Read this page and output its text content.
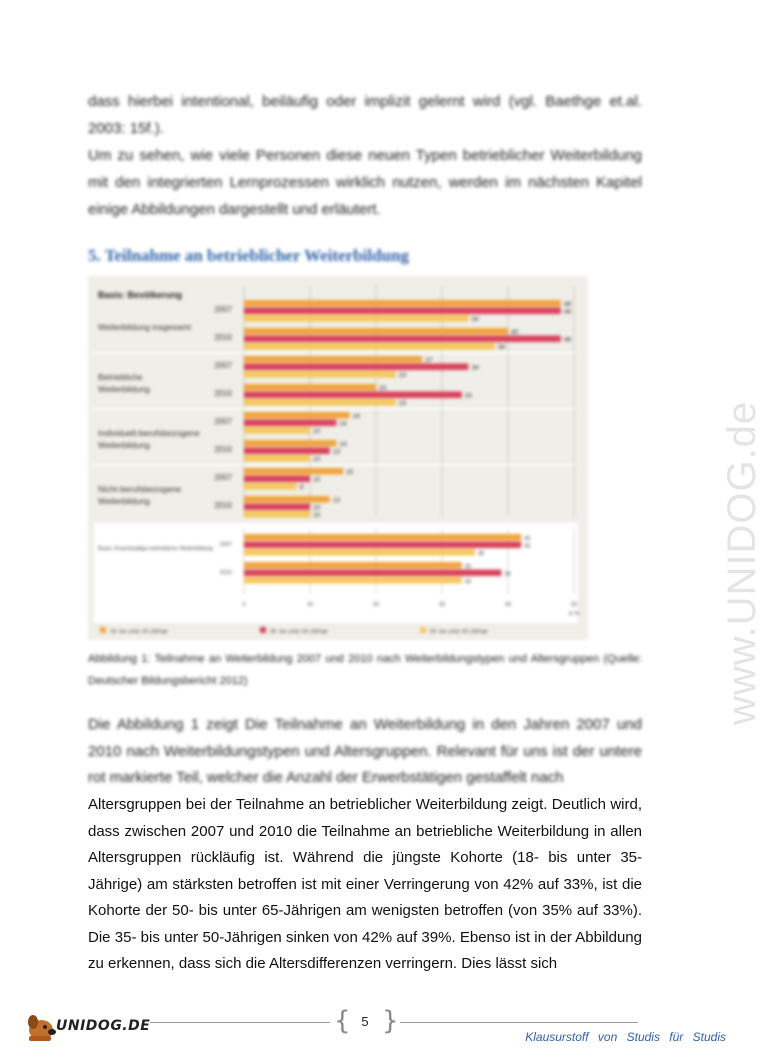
www.UNIDOG.de
dass hierbei intentional, beiläufig oder implizit gelernt wird (vgl. Baethge et.al. 2003: 15f.).
Um zu sehen, wie viele Personen diese neuen Typen betrieblicher Weiterbildung mit den integrierten Lernprozessen wirklich nutzen, werden im nächsten Kapitel einige Abbildungen dargestellt und erläutert.
5. Teilnahme an betrieblicher Weiterbildung
Basis: Bevölkerung
2007
48
48
34
2010
40
48
38
Weiterbildung insgesamt
2007
27
34
23
2010
20
33
23
Betriebliche
Weiterbildung
2007
16
14
10
2010
14
13
10
Individuell-berufsbezogene
Weiterbildung
2007
15
10
8
2010
13
10
10
Nicht-berufsbezogene
Weiterbildung
Basis: Erwerbstätige betriebliche Weiterbildung
2007
42
42
35
2010
33
39
33
0	10	20	30	40	50
in %
18- bis unter 35-Jährige	35- bis unter 50-Jährige	50- bis unter 65-Jährige
Abbildung 1: Teilnahme an Weiterbildung 2007 und 2010 nach Weiterbildungstypen und Altersgruppen (Quelle: Deutscher Bildungsbericht 2012)
Die Abbildung 1 zeigt Die Teilnahme an Weiterbildung in den Jahren 2007 und 2010 nach Weiterbildungstypen und Altersgruppen. Relevant für uns ist der untere rot markierte Teil, welcher die Anzahl der Erwerbstätigen gestaffelt nach
Altersgruppen bei der Teilnahme an betrieblicher Weiterbildung zeigt. Deutlich wird, dass zwischen 2007 und 2010 die Teilnahme an betriebliche Weiterbildung in allen Altersgruppen rückläufig ist. Während die jüngste Kohorte (18- bis unter 35-Jährige) am stärksten betroffen ist mit einer Verringerung von 42% auf 33%, ist die Kohorte der 50- bis unter 65-Jährigen am wenigsten betroffen (von 35% auf 33%). Die 35- bis unter 50-Jährigen sinken von 42% auf 39%. Ebenso ist in der Abbildung zu erkennen, dass sich die Altersdifferenzen verringern. Dies lässt sich
{ }
5
UNIDOG.DE
Klausurstoff von Studis für Studis
